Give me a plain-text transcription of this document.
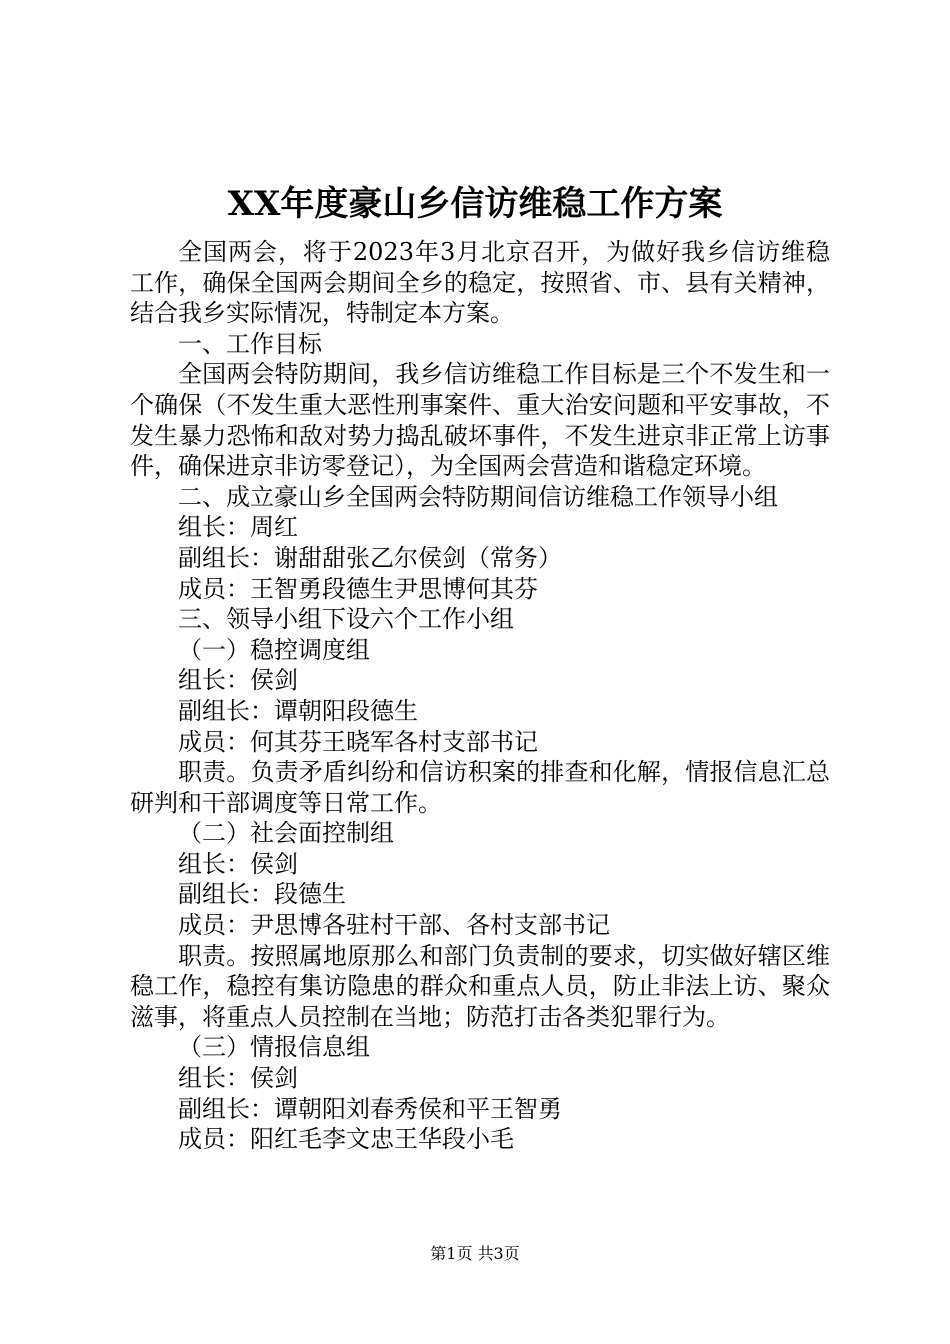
XX年度豪山乡信访维稳工作方案

全国两会，将于2023年3月北京召开，为做好我乡信访维稳工作，确保全国两会期间全乡的稳定，按照省、市、县有关精神，结合我乡实际情况，特制定本方案。

一、工作目标

全国两会特防期间，我乡信访维稳工作目标是三个不发生和一个确保（不发生重大恶性刑事案件、重大治安问题和平安事故，不发生暴力恐怖和敌对势力捣乱破坏事件，不发生进京非正常上访事件，确保进京非访零登记），为全国两会营造和谐稳定环境。

二、成立豪山乡全国两会特防期间信访维稳工作领导小组

组长：周红

副组长：谢甜甜张乙尔侯剑（常务）

成员：王智勇段德生尹思博何其芬

三、领导小组下设六个工作小组

（一）稳控调度组

组长：侯剑

副组长：谭朝阳段德生

成员：何其芬王晓军各村支部书记

职责。负责矛盾纠纷和信访积案的排查和化解，情报信息汇总研判和干部调度等日常工作。

（二）社会面控制组

组长：侯剑

副组长：段德生

成员：尹思博各驻村干部、各村支部书记

职责。按照属地原那么和部门负责制的要求，切实做好辖区维稳工作，稳控有集访隐患的群众和重点人员，防止非法上访、聚众滋事，将重点人员控制在当地；防范打击各类犯罪行为。

（三）情报信息组

组长：侯剑

副组长：谭朝阳刘春秀侯和平王智勇

成员：阳红毛李文忠王华段小毛

第1页 共3页
